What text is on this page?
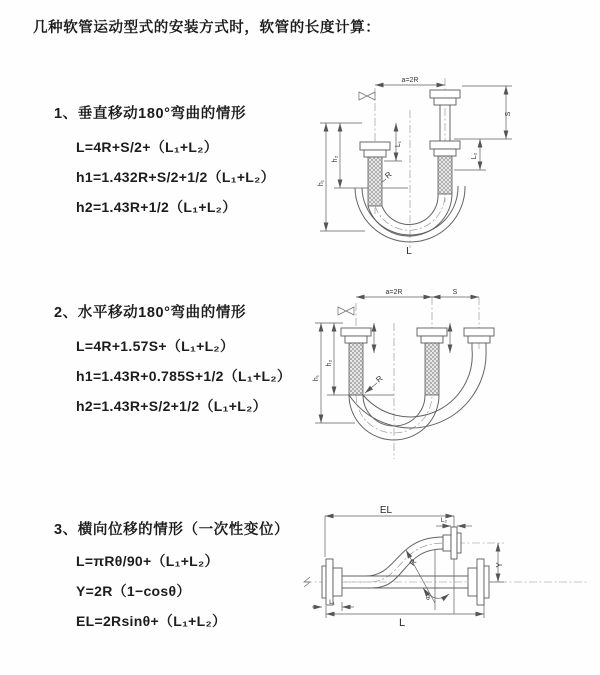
几种软管运动型式的安装方式时，软管的长度计算：
1、垂直移动180°弯曲的情形
L=4R+S/2+（L₁+L₂）
h1=1.432R+S/2+1/2（L₁+L₂）
h2=1.43R+1/2（L₁+L₂）
a=2R
S
L₂
L₁
h₂
h₁
R
L
2、水平移动180°弯曲的情形
L=4R+1.57S+（L₁+L₂）
h1=1.43R+0.785S+1/2（L₁+L₂）
h2=1.43R+S/2+1/2（L₁+L₂）
a=2R	S
h₂
h₁	R
3、横向位移的情形（一次性变位）
L=πRθ/90+（L₁+L₂）
Y=2R（1−cosθ）
EL=2Rsinθ+（L₁+L₂）
EL
L₂
Y
R
θ
L
L₁
